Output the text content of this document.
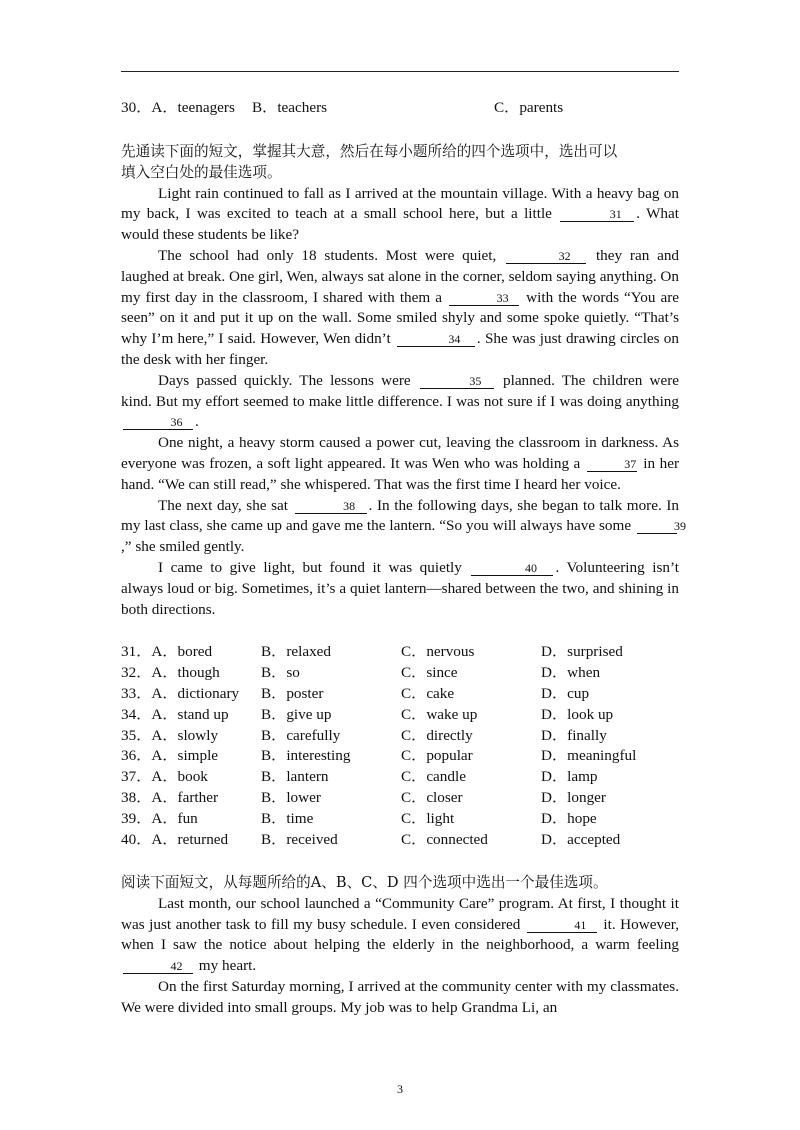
30．A．teenagers	B．teachers	C．parents
先通读下面的短文，掌握其大意，然后在每小题所给的四个选项中，选出可以
填入空白处的最佳选项。

Light rain continued to fall as I arrived at the mountain village. With a heavy bag on my back, I was excited to teach at a small school here, but a little	31 . What would these students be like?

The school had only 18 students. Most were quiet,	32 they ran and laughed at break. One girl, Wen, always sat alone in the corner, seldom saying anything. On my first day in the classroom, I shared with them a	33 with the words “You are seen” on it and put it up on the wall. Some smiled shyly and some spoke quietly. “That’s why I’m here,” I said. However, Wen didn’t	34 . She was just drawing circles on the desk with her finger.

Days passed quickly. The lessons were	35 planned. The children were kind. But my effort seemed to make little difference. I was not sure if I was doing anything 36 .

One night, a heavy storm caused a power cut, leaving the classroom in darkness. As everyone was frozen, a soft light appeared. It was Wen who was holding a	37 in her hand. “We can still read,” she whispered. That was the first time I heard her voice.

The next day, she sat	38 . In the following days, she began to talk more. In my last class, she came up and gave me the lantern. “So you will always have some	39,” she smiled gently.

I came to give light, but found it was quietly	40 . Volunteering isn’t always loud or big. Sometimes, it’s a quiet lantern—shared between the two, and shining in both directions.

31．A．bored	B．relaxed	C．nervous	D．surprised
32．A．though	B．so	C．since	D．when
33．A．dictionary	B．poster	C．cake	D．cup
34．A．stand up	B．give up	C．wake up	D．look up
35．A．slowly	B．carefully	C．directly	D．finally
36．A．simple	B．interesting	C．popular	D．meaningful
37．A．book	B．lantern	C．candle	D．lamp
38．A．farther	B．lower	C．closer	D．longer
39．A．fun	B．time	C．light	D．hope
40．A．returned	B．received	C．connected	D．accepted
阅读下面短文，从每题所给的A、B、C、D 四个选项中选出一个最佳选项。

Last month, our school launched a “Community Care” program. At first, I thought it was just another task to fill my busy schedule. I even considered	41 it. However, when I saw the notice about helping the elderly in the neighborhood, a warm feeling 42 my heart.

On the first Saturday morning, I arrived at the community center with my classmates. We were divided into small groups. My job was to help Grandma Li, an

3
